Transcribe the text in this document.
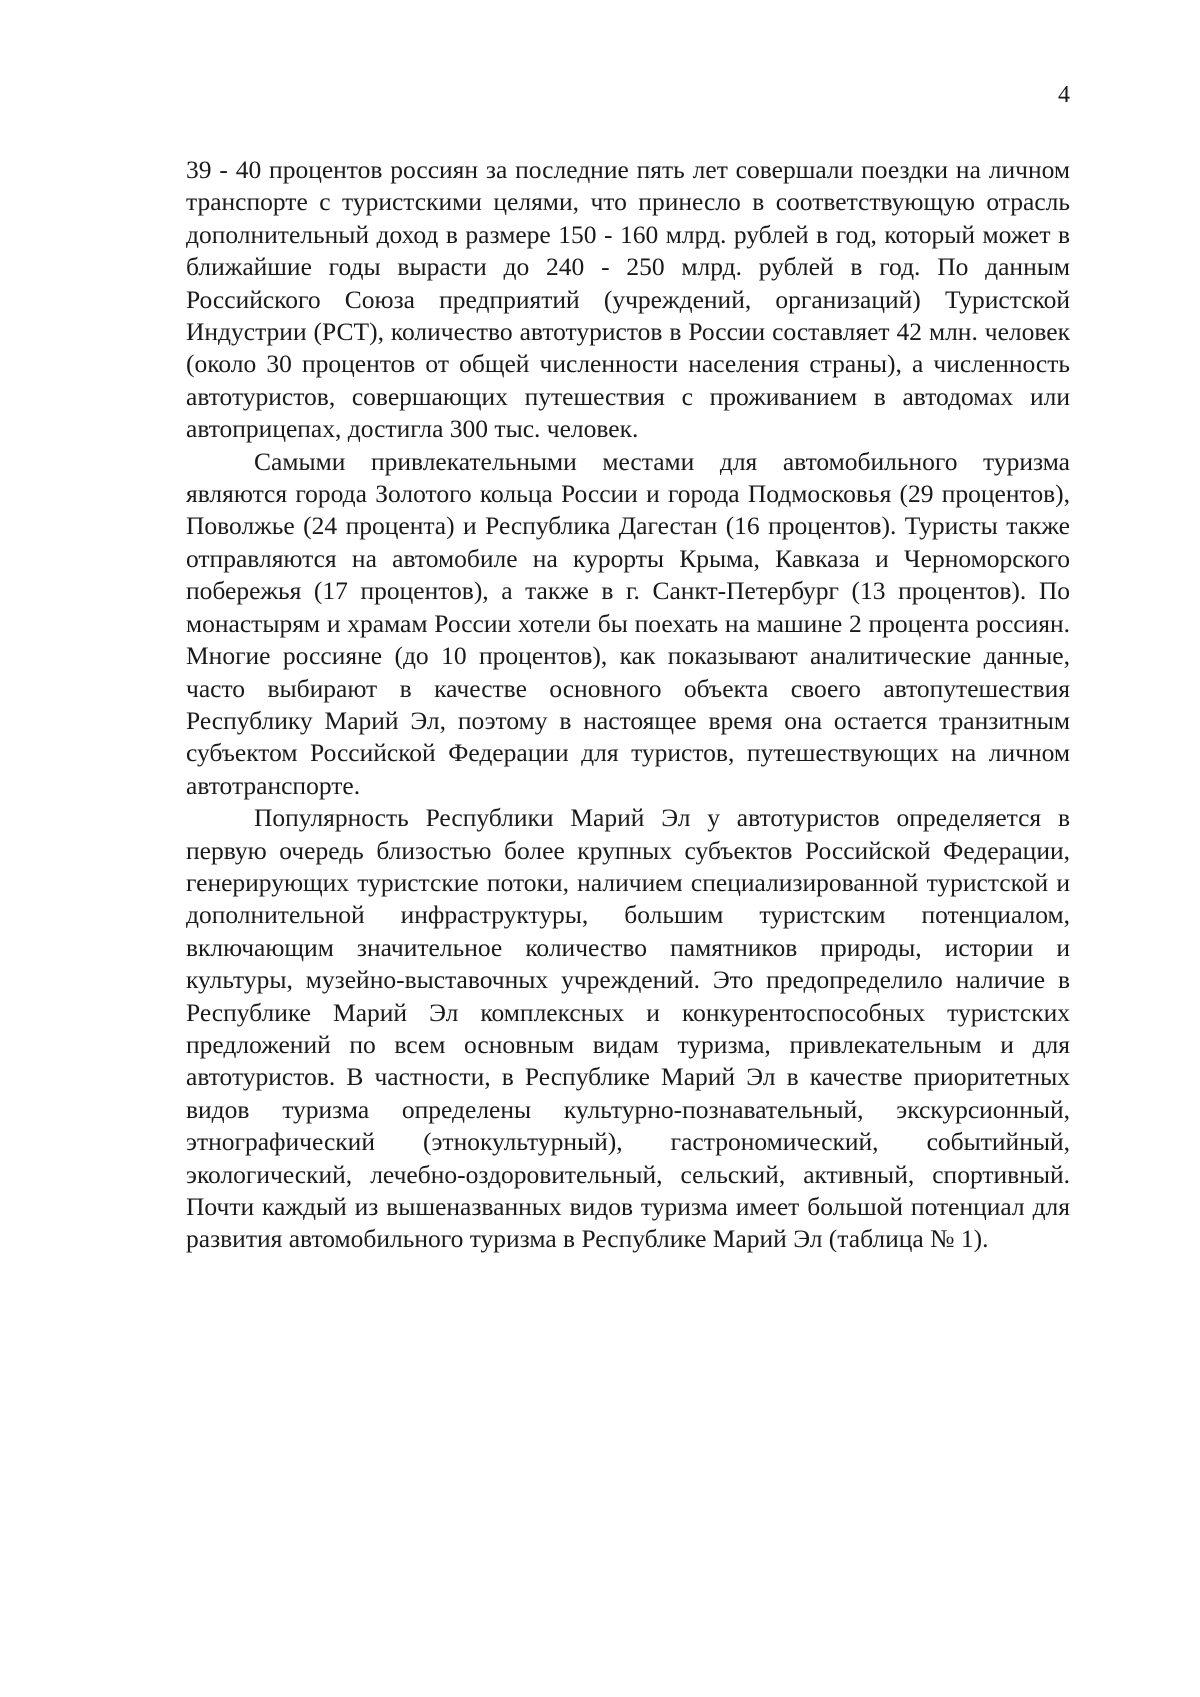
4

39 - 40 процентов россиян за последние пять лет совершали поездки на личном транспорте с туристскими целями, что принесло в соответствующую отрасль дополнительный доход в размере 150 - 160 млрд. рублей в год, который может в ближайшие годы вырасти до 240 - 250 млрд. рублей в год. По данным Российского Союза предприятий (учреждений, организаций) Туристской Индустрии (РСТ), количество автотуристов в России составляет 42 млн. человек (около 30 процентов от общей численности населения страны), а численность автотуристов, совершающих путешествия с проживанием в автодомах или автоприцепах, достигла 300 тыс. человек.

Самыми привлекательными местами для автомобильного туризма являются города Золотого кольца России и города Подмосковья (29 процентов), Поволжье (24 процента) и Республика Дагестан (16 процентов). Туристы также отправляются на автомобиле на курорты Крыма, Кавказа и Черноморского побережья (17 процентов), а также в г. Санкт-Петербург (13 процентов). По монастырям и храмам России хотели бы поехать на машине 2 процента россиян. Многие россияне (до 10 процентов), как показывают аналитические данные, часто выбирают в качестве основного объекта своего автопутешествия Республику Марий Эл, поэтому в настоящее время она остается транзитным субъектом Российской Федерации для туристов, путешествующих на личном автотранспорте.

Популярность Республики Марий Эл у автотуристов определяется в первую очередь близостью более крупных субъектов Российской Федерации, генерирующих туристские потоки, наличием специализированной туристской и дополнительной инфраструктуры, большим туристским потенциалом, включающим значительное количество памятников природы, истории и культуры, музейно-выставочных учреждений. Это предопределило наличие в Республике Марий Эл комплексных и конкурентоспособных туристских предложений по всем основным видам туризма, привлекательным и для автотуристов. В частности, в Республике Марий Эл в качестве приоритетных видов туризма определены культурно-познавательный, экскурсионный, этнографический (этнокультурный), гастрономический, событийный, экологический, лечебно-оздоровительный, сельский, активный, спортивный. Почти каждый из вышеназванных видов туризма имеет большой потенциал для развития автомобильного туризма в Республике Марий Эл (таблица № 1).
